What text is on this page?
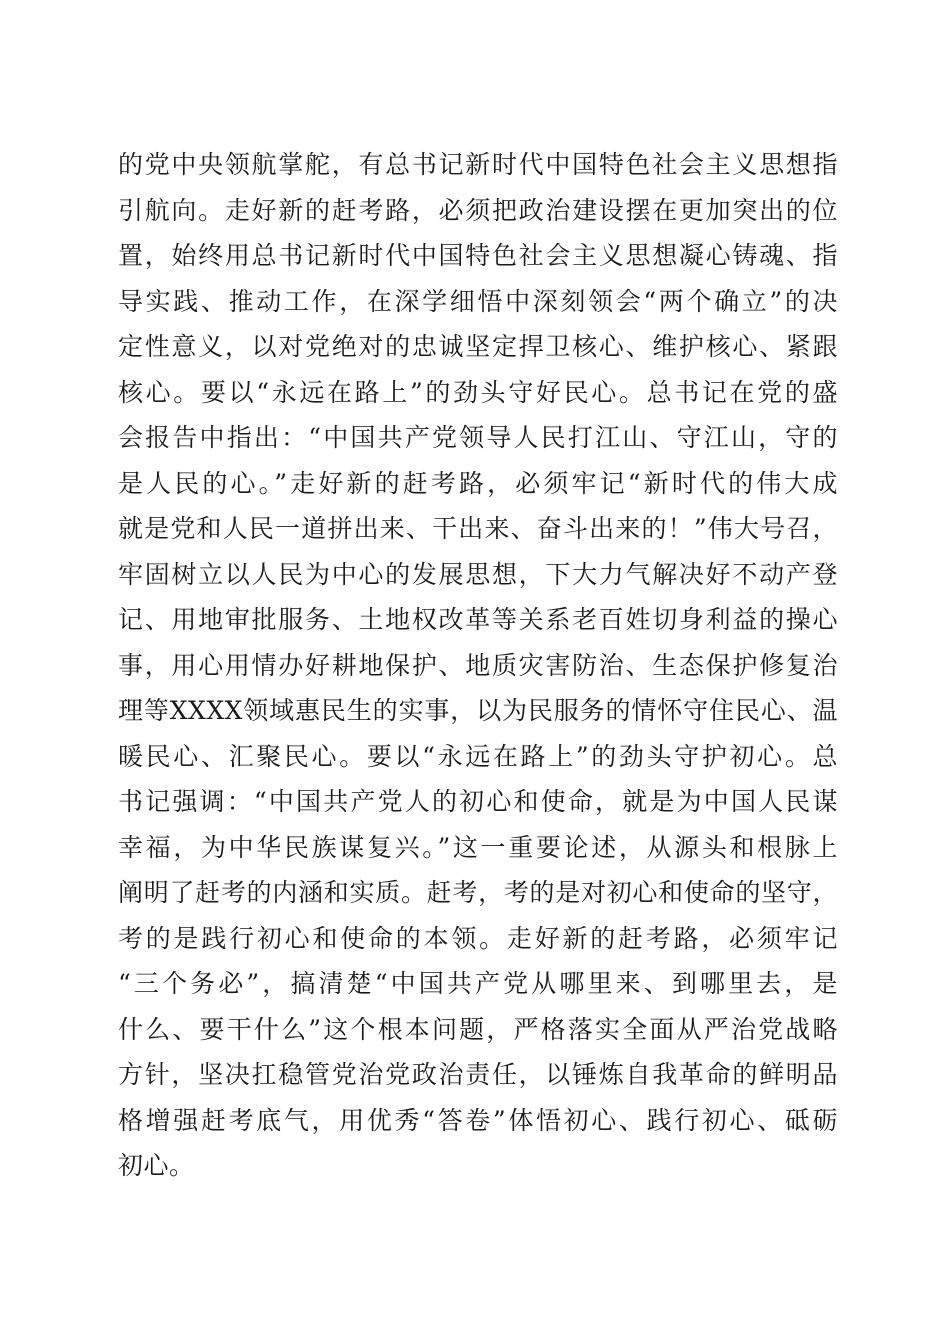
的党中央领航掌舵，有总书记新时代中国特色社会主义思想指
引航向。走好新的赶考路，必须把政治建设摆在更加突出的位
置，始终用总书记新时代中国特色社会主义思想凝心铸魂、指
导实践、推动工作，在深学细悟中深刻领会“两个确立”的决
定性意义，以对党绝对的忠诚坚定捍卫核心、维护核心、紧跟
核心。要以“永远在路上”的劲头守好民心。总书记在党的盛
会报告中指出：“中国共产党领导人民打江山、守江山，守的
是人民的心。”走好新的赶考路，必须牢记“新时代的伟大成
就是党和人民一道拼出来、干出来、奋斗出来的！”伟大号召，
牢固树立以人民为中心的发展思想，下大力气解决好不动产登
记、用地审批服务、土地权改革等关系老百姓切身利益的操心
事，用心用情办好耕地保护、地质灾害防治、生态保护修复治
理等XXXX领域惠民生的实事，以为民服务的情怀守住民心、温
暖民心、汇聚民心。要以“永远在路上”的劲头守护初心。总
书记强调：“中国共产党人的初心和使命，就是为中国人民谋
幸福，为中华民族谋复兴。”这一重要论述，从源头和根脉上
阐明了赶考的内涵和实质。赶考，考的是对初心和使命的坚守，
考的是践行初心和使命的本领。走好新的赶考路，必须牢记
“三个务必”，搞清楚“中国共产党从哪里来、到哪里去，是
什么、要干什么”这个根本问题，严格落实全面从严治党战略
方针，坚决扛稳管党治党政治责任，以锤炼自我革命的鲜明品
格增强赶考底气，用优秀“答卷”体悟初心、践行初心、砥砺
初心。
